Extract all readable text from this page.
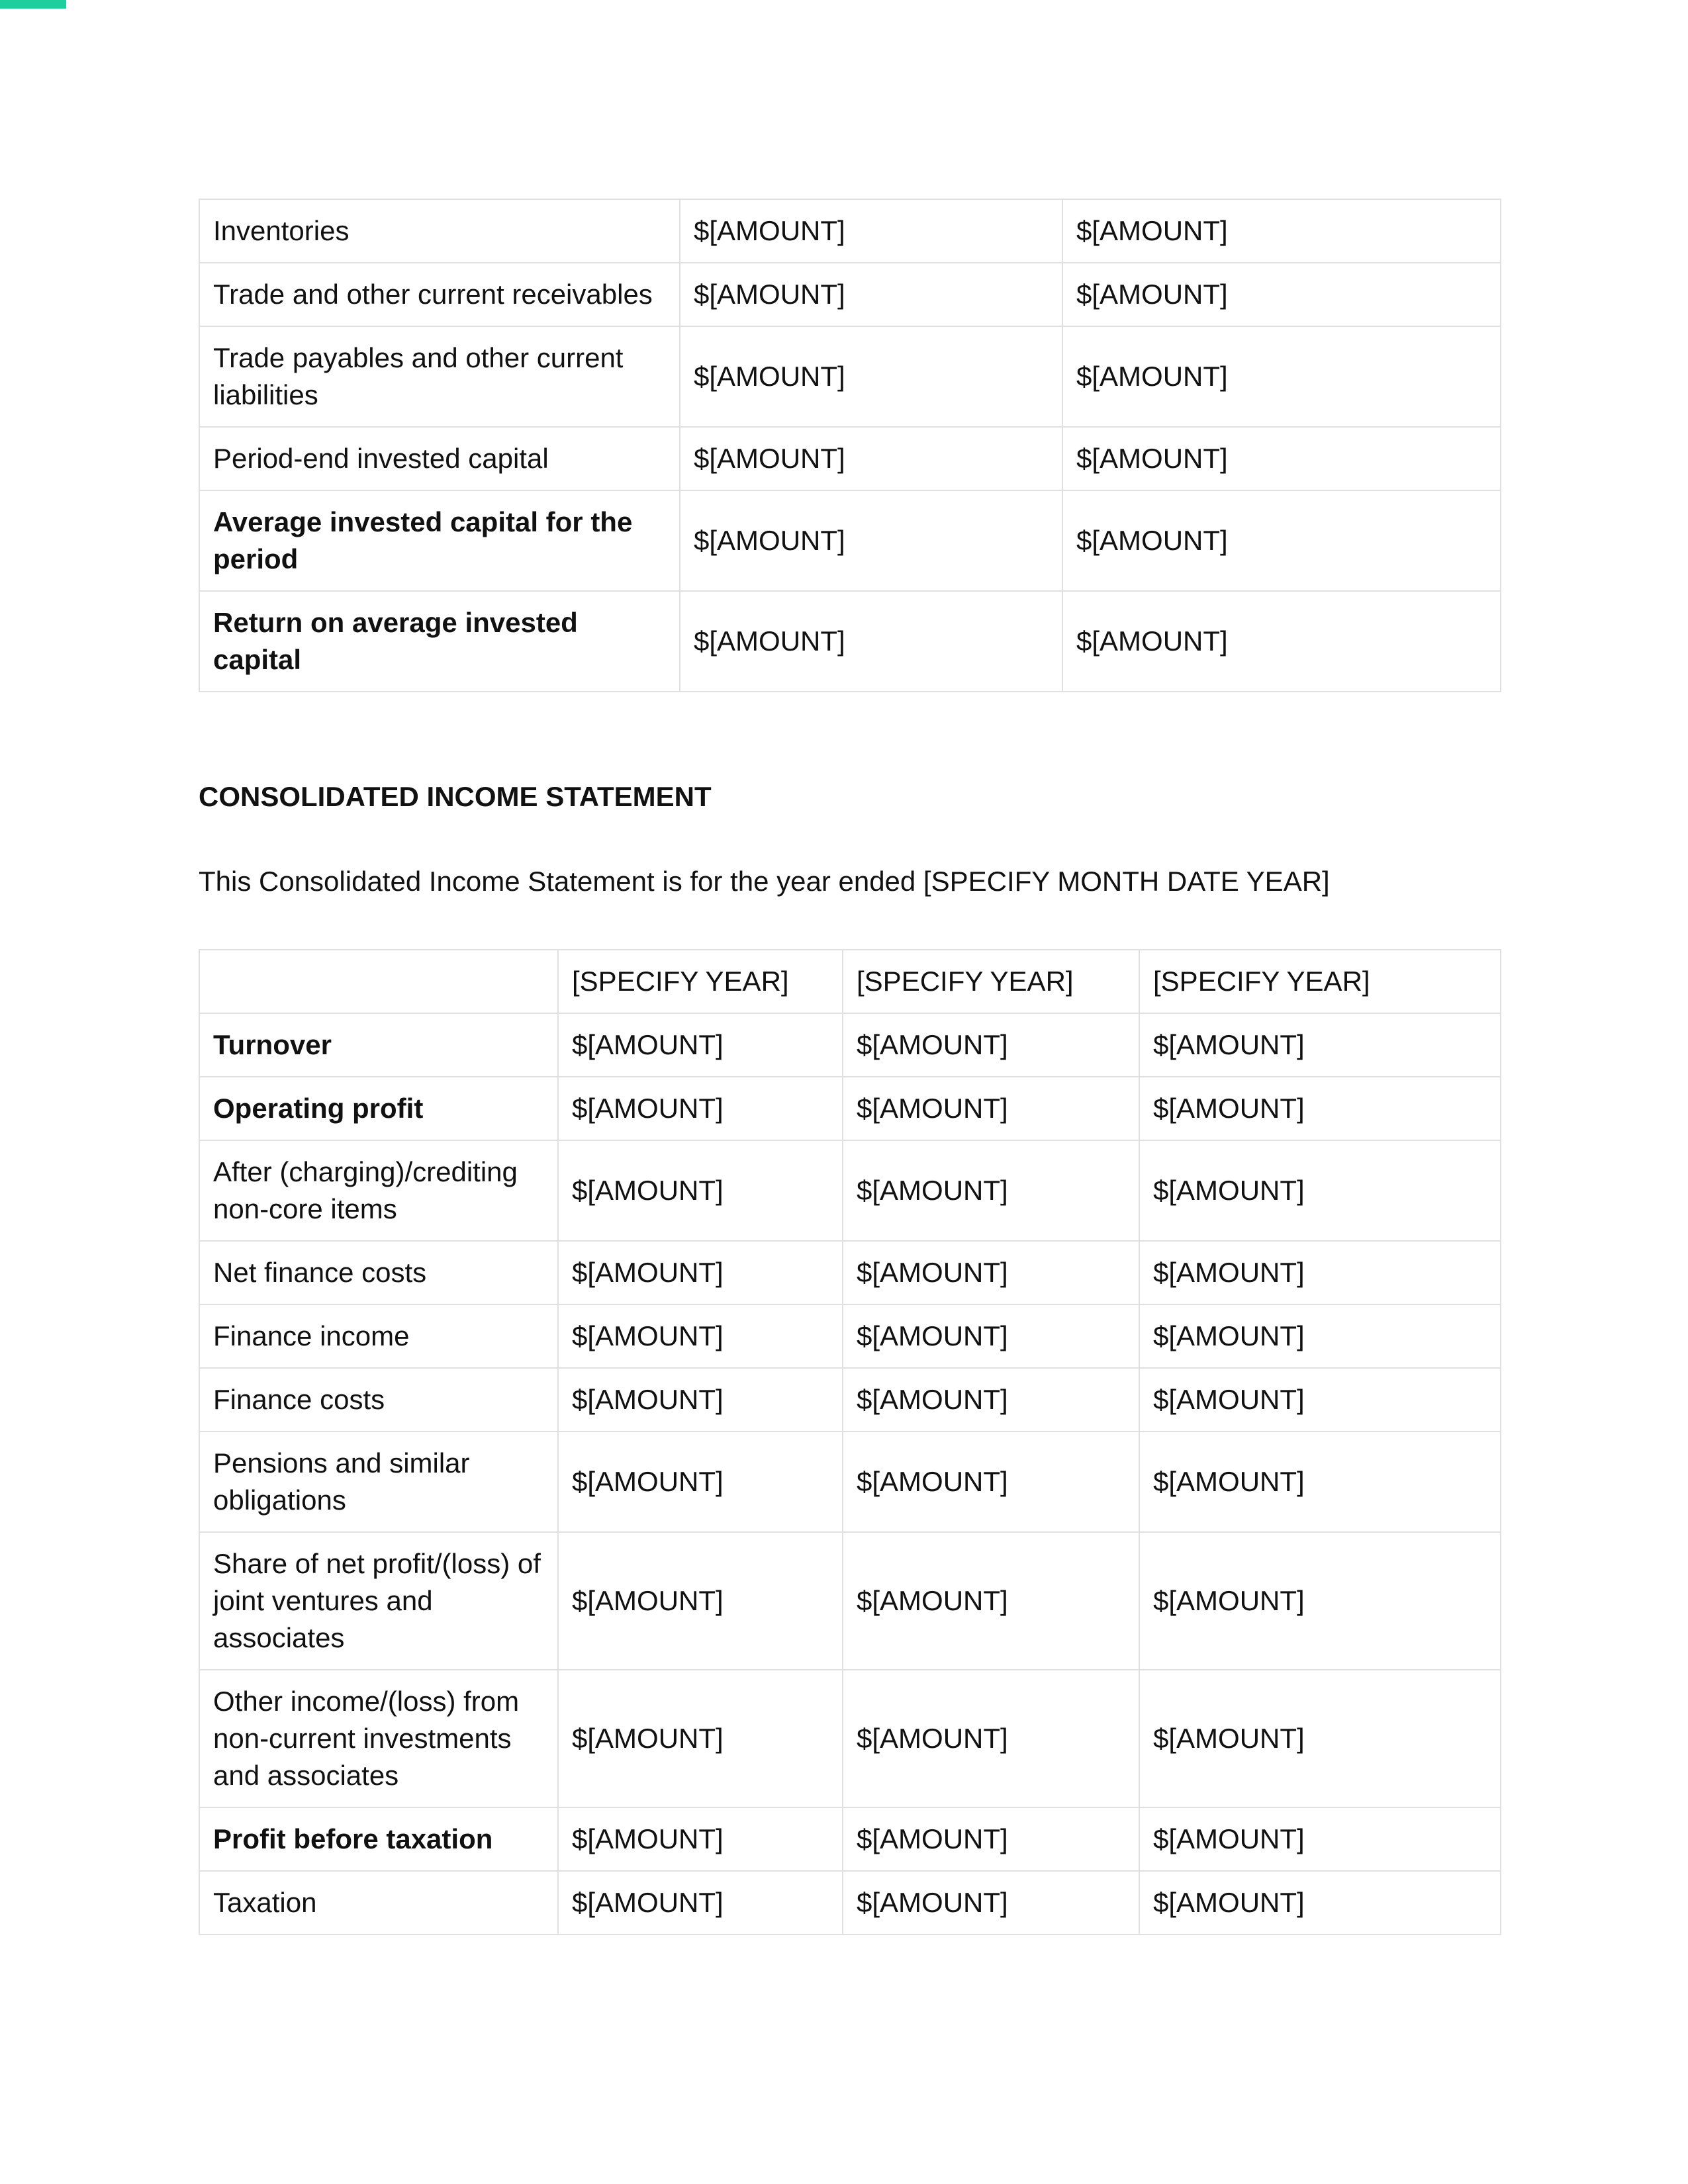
Inventories	$[AMOUNT]	$[AMOUNT]
Trade and other current receivables	$[AMOUNT]	$[AMOUNT]
Trade payables and other current liabilities	$[AMOUNT]	$[AMOUNT]
Period-end invested capital	$[AMOUNT]	$[AMOUNT]
Average invested capital for the period	$[AMOUNT]	$[AMOUNT]
Return on average invested capital	$[AMOUNT]	$[AMOUNT]
CONSOLIDATED INCOME STATEMENT
This Consolidated Income Statement is for the year ended [SPECIFY MONTH DATE YEAR]
	[SPECIFY YEAR]	[SPECIFY YEAR]	[SPECIFY YEAR]
Turnover	$[AMOUNT]	$[AMOUNT]	$[AMOUNT]
Operating profit	$[AMOUNT]	$[AMOUNT]	$[AMOUNT]
After (charging)/crediting non-core items	$[AMOUNT]	$[AMOUNT]	$[AMOUNT]
Net finance costs	$[AMOUNT]	$[AMOUNT]	$[AMOUNT]
Finance income	$[AMOUNT]	$[AMOUNT]	$[AMOUNT]
Finance costs	$[AMOUNT]	$[AMOUNT]	$[AMOUNT]
Pensions and similar obligations	$[AMOUNT]	$[AMOUNT]	$[AMOUNT]
Share of net profit/(loss) of joint ventures and associates	$[AMOUNT]	$[AMOUNT]	$[AMOUNT]
Other income/(loss) from non-current investments and associates	$[AMOUNT]	$[AMOUNT]	$[AMOUNT]
Profit before taxation	$[AMOUNT]	$[AMOUNT]	$[AMOUNT]
Taxation	$[AMOUNT]	$[AMOUNT]	$[AMOUNT]
